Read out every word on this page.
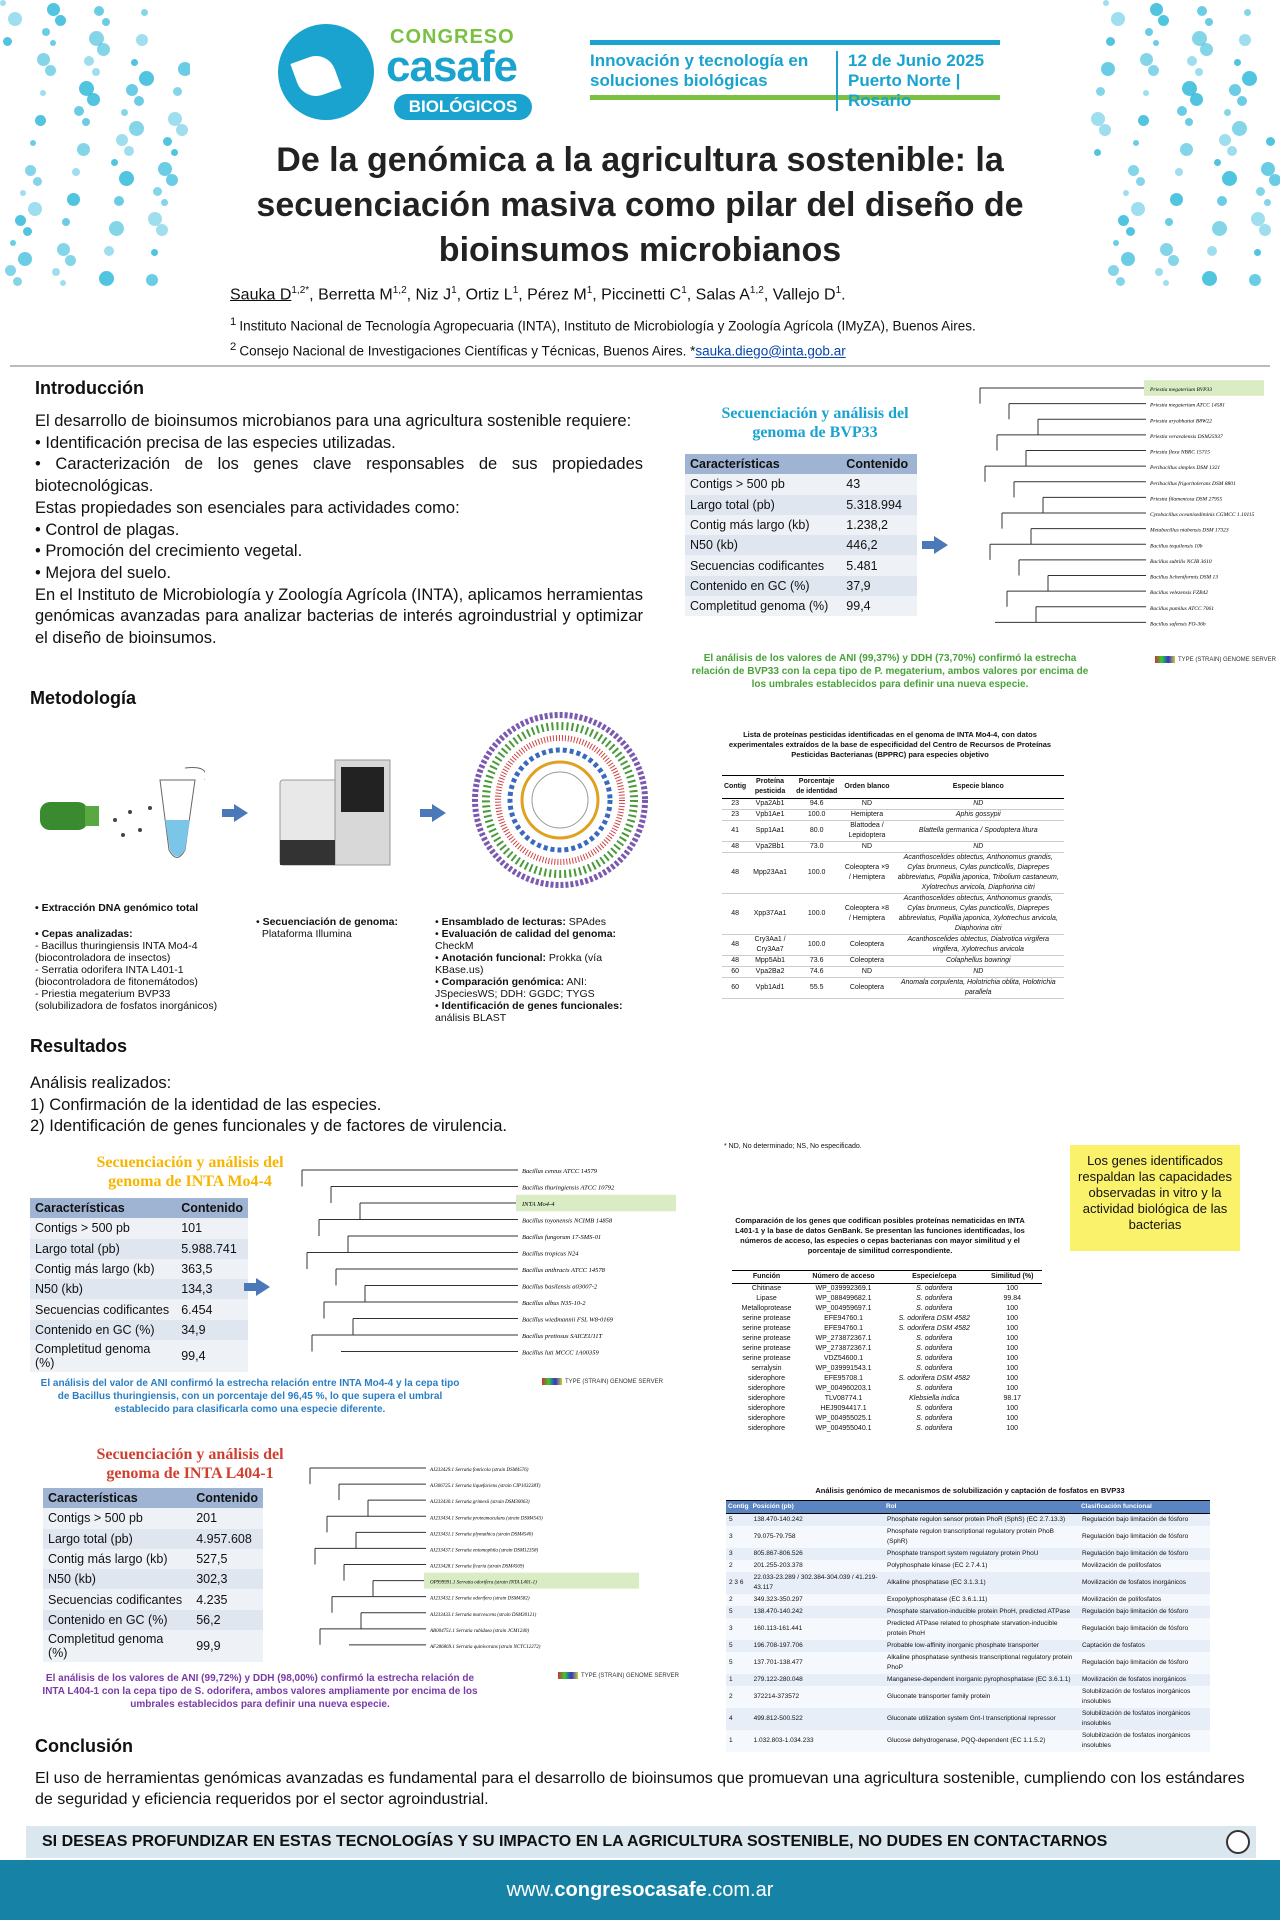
CONGRESO
casafe
BIOLÓGICOS
Innovación y tecnología en soluciones biológicas
12 de Junio 2025
Puerto Norte | Rosario
De la genómica a la agricultura sostenible: la secuenciación masiva como pilar del diseño de bioinsumos microbianos
Sauka $D^{1,2*}$, Berretta M$^{1,2}$, Niz $J^1$, Ortiz $L^1$, Pérez $M^1$, Piccinetti $C^1$, Salas A$^{1,2}$, Vallejo $D^1$.
$^1$ Instituto Nacional de Tecnología Agropecuaria (INTA), Instituto de Microbiología y Zoología Agrícola (IMyZA), Buenos Aires.
$^2$ Consejo Nacional de Investigaciones Científicas y Técnicas, Buenos Aires. *sauka.diego@inta.gob.ar
Introducción
El desarrollo de bioinsumos microbianos para una agricultura sostenible requiere:
• Identificación precisa de las especies utilizadas.
• Caracterización de los genes clave responsables de sus propiedades biotecnológicas.
Estas propiedades son esenciales para actividades como:
• Control de plagas.
• Promoción del crecimiento vegetal.
• Mejora del suelo.
En el Instituto de Microbiología y Zoología Agrícola (INTA), aplicamos herramientas genómicas avanzadas para analizar bacterias de interés agroindustrial y optimizar el diseño de bioinsumos.
Secuenciación y análisis del genoma de BVP33
Características	Contenido
Contigs > 500 pb	43
Largo total (pb)	5.318.994
Contig más largo (kb)	1.238,2
N50 (kb)	446,2
Secuencias codificantes	5.481
Contenido en GC (%)	37,9
Completitud genoma (%)	99,4
Priestia megaterium BVP33
Priestia megaterium ATCC 14581
Priestia aryabhattai B8W22
Priestia veravalensis DSM25937
Priestia flexa NBRC 15715
Peribacillus simplex DSM 1321
Peribacillus frigoritolerans DSM 8801
Priestia filamentosa DSM 27955
Cytobacillus oceanisediminis CGMCC 1.10115
Metabacillus niabensis DSM 17323
Bacillus tequilensis 10b
Bacillus subtilis NCIB 3610
Bacillus licheniformis DSM 13
Bacillus velezensis FZB42
Bacillus pumilus ATCC 7061
Bacillus safensis FO-36b
El análisis de los valores de ANI (99,37%) y DDH (73,70%) confirmó la estrecha relación de BVP33 con la cepa tipo de P. megaterium, ambos valores por encima de los umbrales establecidos para definir una nueva especie.
TYPE (STRAIN) GENOME SERVER
Metodología
• Extracción DNA genómico total
• Cepas analizadas:
- Bacillus thuringiensis INTA Mo4-4
(biocontroladora de insectos)
- Serratia odorifera INTA L401-1
(biocontroladora de fitonemátodos)
- Priestia megaterium BVP33
(solubilizadora de fosfatos inorgánicos)
• Secuenciación de genoma:
Plataforma Illumina
• Ensamblado de lecturas: SPAdes
• Evaluación de calidad del genoma: CheckM
• Anotación funcional: Prokka (vía KBase.us)
• Comparación genómica: ANI: JSpeciesWS; DDH: GGDC; TYGS
• Identificación de genes funcionales: análisis BLAST
Lista de proteínas pesticidas identificadas en el genoma de INTA Mo4-4, con datos experimentales extraídos de la base de especificidad del Centro de Recursos de Proteínas Pesticidas Bacterianas (BPPRC) para especies objetivo
Contig	Proteína pesticida	Porcentaje de identidad	Orden blanco	Especie blanco
23	Vpa2Ab1	94.6	ND	ND
23	Vpb1Ae1	100.0	Hemiptera	Aphis gossypii
41	Spp1Aa1	80.0	Blattodea / Lepidoptera	Blattella germanica / Spodoptera litura
48	Vpa2Bb1	73.0	ND	ND
48	Mpp23Aa1	100.0	Coleoptera ×9 / Hemiptera	Acanthoscelides obtectus, Anthonomus grandis, Cylas brunneus, Cylas puncticollis, Diaprepes abbreviatus, Popillia japonica, Tribolium castaneum, Xylotrechus arvicola, Diaphorina citri
48	Xpp37Aa1	100.0	Coleoptera ×8 / Hemiptera	Acanthoscelides obtectus, Anthonomus grandis, Cylas brunneus, Cylas puncticollis, Diaprepes abbreviatus, Popillia japonica, Xylotrechus arvicola, Diaphorina citri
48	Cry3Aa1 / Cry3Aa7	100.0	Coleoptera	Acanthoscelides obtectus, Diabrotica virgifera virgifera, Xylotrechus arvicola
48	Mpp5Ab1	73.6	Coleoptera	Colaphellus bowringi
60	Vpa2Ba2	74.6	ND	ND
60	Vpb1Ad1	55.5	Coleoptera	Anomala corpulenta, Holotrichia oblita, Holotrichia parallela
* ND, No determinado; NS, No especificado.
Los genes identificados respaldan las capacidades observadas in vitro y la actividad biológica de las bacterias
Resultados
Análisis realizados:
1) Confirmación de la identidad de las especies.
2) Identificación de genes funcionales y de factores de virulencia.
Secuenciación y análisis del genoma de INTA Mo4-4
Características	Contenido
Contigs > 500 pb	101
Largo total (pb)	5.988.741
Contig más largo (kb)	363,5
N50 (kb)	134,3
Secuencias codificantes	6.454
Contenido en GC (%)	34,9
Completitud genoma (%)	99,4
Bacillus cereus ATCC 14579
Bacillus thuringiensis ATCC 10792
INTA Mo4-4
Bacillus toyonensis NCIMB 14858
Bacillus fungorum 17-SMS-01
Bacillus tropicus N24
Bacillus anthracis ATCC 14578
Bacillus basilensis a03007-2
Bacillus albus N35-10-2
Bacillus wiedmannii FSL W8-0169
Bacillus pretiosus SAICEU11T
Bacillus luti MCCC 1A00359
El análisis del valor de ANI confirmó la estrecha relación entre INTA Mo4-4 y la cepa tipo de Bacillus thuringiensis, con un porcentaje del 96,45 %, lo que supera el umbral establecido para clasificarla como una especie diferente.
TYPE (STRAIN) GENOME SERVER
Secuenciación y análisis del genoma de INTA L404-1
Características	Contenido
Contigs > 500 pb	201
Largo total (pb)	4.957.608
Contig más largo (kb)	527,5
N50 (kb)	302,3
Secuencias codificantes	4.235
Contenido en GC (%)	56,2
Completitud genoma (%)	99,9
AJ233429.1 Serratia fonticola (strain DSM4576)
AJ306725.1 Serratia liquefaciens (strain CIP103238T)
AJ233430.1 Serratia grimesii (strain DSM30063)
AJ233434.1 Serratia proteamaculans (strain DSM4543)
AJ233431.1 Serratia plymuthica (strain DSM4540)
AJ233437.1 Serratia entomophila (strain DSM12358)
AJ233428.1 Serratia ficaria (strain DSM4569)
OP999991.1 Serratia odorifera (strain INTA L401-1)
AJ233432.1 Serratia odorifera (strain DSM4582)
AJ233433.1 Serratia marcescens (strain DSM30121)
AB004751.1 Serratia rubidaea (strain JCM1240)
AF286869.1 Serratia quinivorans (strain NCTC12272)
El análisis de los valores de ANI (99,72%) y DDH (98,00%) confirmó la estrecha relación de INTA L404-1 con la cepa tipo de S. odorifera, ambos valores ampliamente por encima de los umbrales establecidos para definir una nueva especie.
TYPE (STRAIN) GENOME SERVER
Comparación de los genes que codifican posibles proteínas nematicidas en INTA L401-1 y la base de datos GenBank. Se presentan las funciones identificadas, los números de acceso, las especies o cepas bacterianas con mayor similitud y el porcentaje de similitud correspondiente.
Función	Número de acceso	Especie/cepa	Similitud (%)
Chitinase	WP_039992369.1	S. odorifera	100
Lipase	WP_088499682.1	S. odorifera	99.84
Metalloprotease	WP_004959697.1	S. odorifera	100
serine protease	EFE94760.1	S. odorifera DSM 4582	100
serine protease	EFE94760.1	S. odorifera DSM 4582	100
serine protease	WP_273872367.1	S. odorifera	100
serine protease	WP_273872367.1	S. odorifera	100
serine protease	VDZ54600.1	S. odorifera	100
serralysin	WP_039991543.1	S. odorifera	100
siderophore	EFE95708.1	S. odorifera DSM 4582	100
siderophore	WP_004960203.1	S. odorifera	100
siderophore	TLV08774.1	Klebsiella indica	98.17
siderophore	HEJ9094417.1	S. odorifera	100
siderophore	WP_004955025.1	S. odorifera	100
siderophore	WP_004955040.1	S. odorifera	100
Análisis genómico de mecanismos de solubilización y captación de fosfatos en BVP33
Contig	Posición (pb)	Rol	Clasificación funcional
5	138.470-140.242	Phosphate regulon sensor protein PhoR (SphS) (EC 2.7.13.3)	Regulación bajo limitación de fósforo
3	79.075-79.758	Phosphate regulon transcriptional regulatory protein PhoB (SphR)	Regulación bajo limitación de fósforo
3	805.867-806.526	Phosphate transport system regulatory protein PhoU	Regulación bajo limitación de fósforo
2	201.255-203.378	Polyphosphate kinase (EC 2.7.4.1)	Movilización de polifosfatos
2 3 6	22.033-23.289 / 302.384-304.039 / 41.219-43.117	Alkaline phosphatase (EC 3.1.3.1)	Movilización de fosfatos inorgánicos
2	349.323-350.297	Exopolyphosphatase (EC 3.6.1.11)	Movilización de polifosfatos
5	138.470-140.242	Phosphate starvation-inducible protein PhoH, predicted ATPase	Regulación bajo limitación de fósforo
3	160.113-161.441	Predicted ATPase related to phosphate starvation-inducible protein PhoH	Regulación bajo limitación de fósforo
5	196.708-197.706	Probable low-affinity inorganic phosphate transporter	Captación de fosfatos
5	137.701-138.477	Alkaline phosphatase synthesis transcriptional regulatory protein PhoP	Regulación bajo limitación de fósforo
1	279.122-280.048	Manganese-dependent inorganic pyrophosphatase (EC 3.6.1.1)	Movilización de fosfatos inorgánicos
2	372214-373572	Gluconate transporter family protein	Solubilización de fosfatos inorgánicos insolubles
4	499.812-500.522	Gluconate utilization system Gnt-I transcriptional repressor	Solubilización de fosfatos inorgánicos insolubles
1	1.032.803-1.034.233	Glucose dehydrogenase, PQQ-dependent (EC 1.1.5.2)	Solubilización de fosfatos inorgánicos insolubles
Conclusión
El uso de herramientas genómicas avanzadas es fundamental para el desarrollo de bioinsumos que promuevan una agricultura sostenible, cumpliendo con los estándares de seguridad y eficiencia requeridos por el sector agroindustrial.
SI DESEAS PROFUNDIZAR EN ESTAS TECNOLOGÍAS Y SU IMPACTO EN LA AGRICULTURA SOSTENIBLE, NO DUDES EN CONTACTARNOS
www.congresocasafe.com.ar
